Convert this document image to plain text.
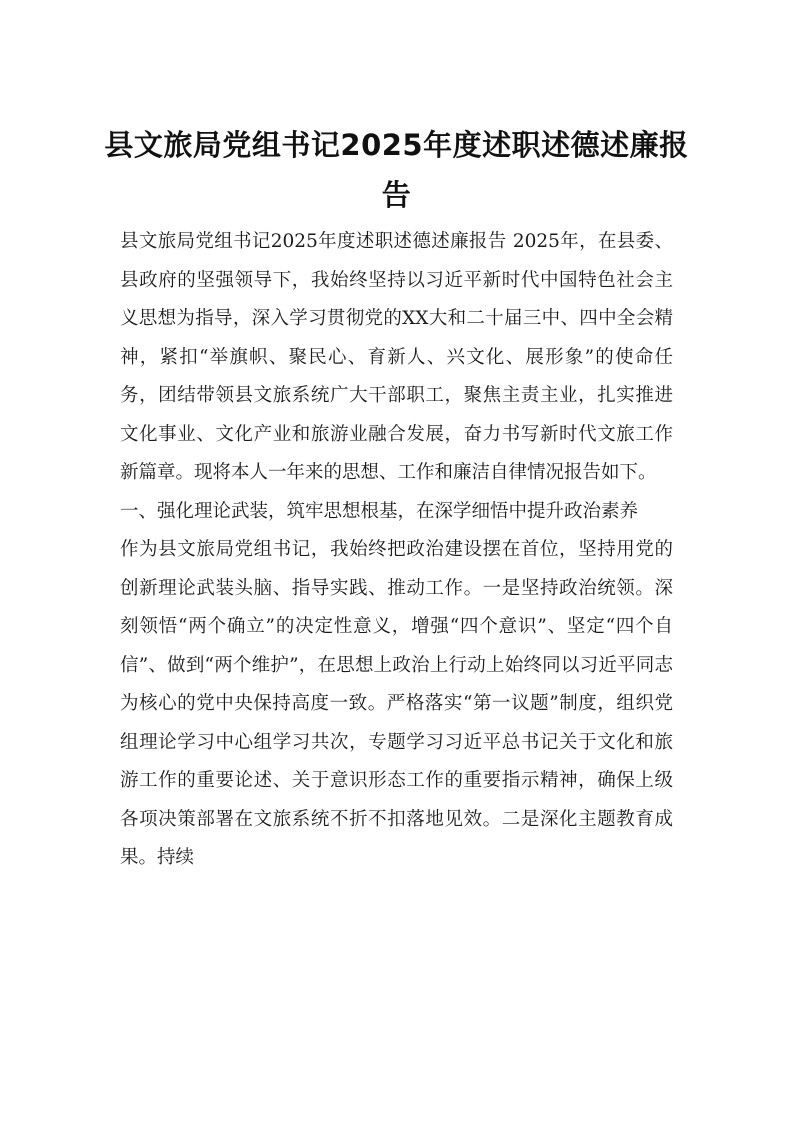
县文旅局党组书记2025年度述职述德述廉报告

县文旅局党组书记2025年度述职述德述廉报告 2025年，在县委、县政府的坚强领导下，我始终坚持以习近平新时代中国特色社会主义思想为指导，深入学习贯彻党的XX大和二十届三中、四中全会精神，紧扣“举旗帜、聚民心、育新人、兴文化、展形象”的使命任务，团结带领县文旅系统广大干部职工，聚焦主责主业，扎实推进文化事业、文化产业和旅游业融合发展，奋力书写新时代文旅工作新篇章。现将本人一年来的思想、工作和廉洁自律情况报告如下。

一、强化理论武装，筑牢思想根基，在深学细悟中提升政治素养

作为县文旅局党组书记，我始终把政治建设摆在首位，坚持用党的创新理论武装头脑、指导实践、推动工作。一是坚持政治统领。深刻领悟“两个确立”的决定性意义，增强“四个意识”、坚定“四个自信”、做到“两个维护”，在思想上政治上行动上始终同以习近平同志为核心的党中央保持高度一致。严格落实“第一议题”制度，组织党组理论学习中心组学习共次，专题学习习近平总书记关于文化和旅游工作的重要论述、关于意识形态工作的重要指示精神，确保上级各项决策部署在文旅系统不折不扣落地见效。二是深化主题教育成果。持续
